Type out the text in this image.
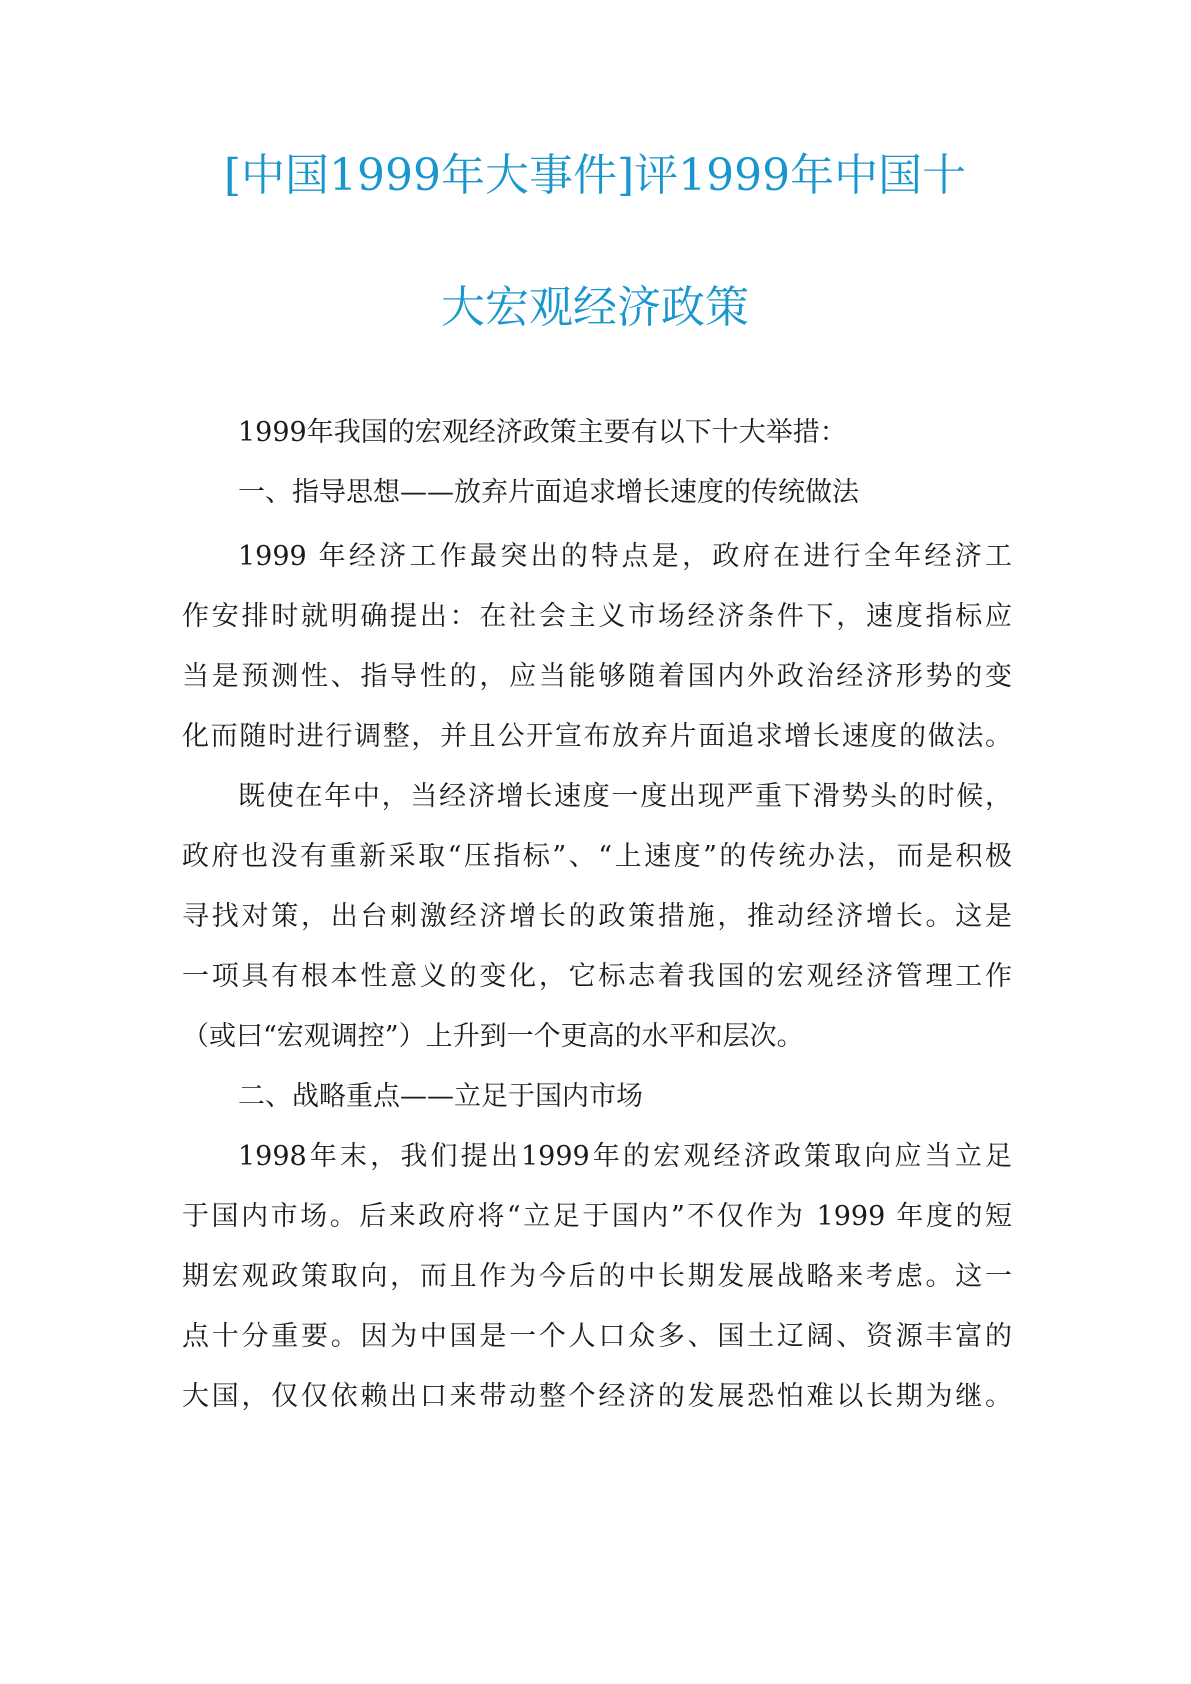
[中国1999年大事件]评1999年中国十
大宏观经济政策
1999年我国的宏观经济政策主要有以下十大举措：
一、指导思想——放弃片面追求增长速度的传统做法
1999 年经济工作最突出的特点是，政府在进行全年经济工
作安排时就明确提出：在社会主义市场经济条件下，速度指标应
当是预测性、指导性的，应当能够随着国内外政治经济形势的变
化而随时进行调整，并且公开宣布放弃片面追求增长速度的做法。
既使在年中，当经济增长速度一度出现严重下滑势头的时候，
政府也没有重新采取“压指标”、“上速度”的传统办法，而是积极
寻找对策，出台刺激经济增长的政策措施，推动经济增长。这是
一项具有根本性意义的变化，它标志着我国的宏观经济管理工作
（或曰“宏观调控”）上升到一个更高的水平和层次。
二、战略重点——立足于国内市场
1998年末，我们提出1999年的宏观经济政策取向应当立足
于国内市场。后来政府将“立足于国内”不仅作为 1999 年度的短
期宏观政策取向，而且作为今后的中长期发展战略来考虑。这一
点十分重要。因为中国是一个人口众多、国土辽阔、资源丰富的
大国，仅仅依赖出口来带动整个经济的发展恐怕难以长期为继。
